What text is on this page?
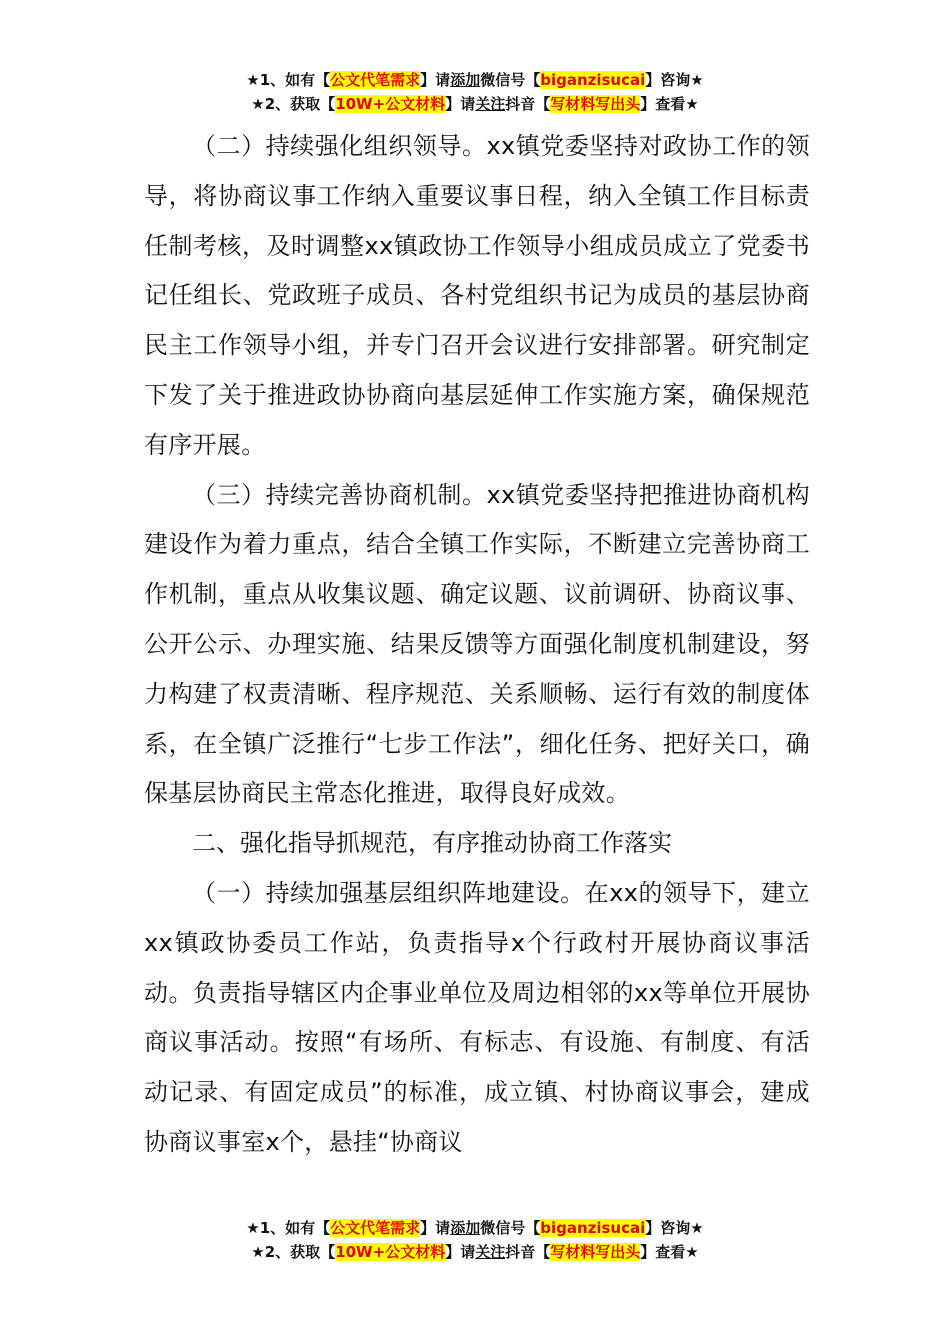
★1、如有【公文代笔需求】请添加微信号【biganzisucai】咨询★
★2、获取【10W+公文材料】请关注抖音【写材料写出头】查看★

（二）持续强化组织领导。xx镇党委坚持对政协工作的领导，将协商议事工作纳入重要议事日程，纳入全镇工作目标责任制考核，及时调整xx镇政协工作领导小组成员成立了党委书记任组长、党政班子成员、各村党组织书记为成员的基层协商民主工作领导小组，并专门召开会议进行安排部署。研究制定下发了关于推进政协协商向基层延伸工作实施方案，确保规范有序开展。

（三）持续完善协商机制。xx镇党委坚持把推进协商机构建设作为着力重点，结合全镇工作实际，不断建立完善协商工作机制，重点从收集议题、确定议题、议前调研、协商议事、公开公示、办理实施、结果反馈等方面强化制度机制建设，努力构建了权责清晰、程序规范、关系顺畅、运行有效的制度体系，在全镇广泛推行“七步工作法”，细化任务、把好关口，确保基层协商民主常态化推进，取得良好成效。

二、强化指导抓规范，有序推动协商工作落实

（一）持续加强基层组织阵地建设。在xx的领导下，建立xx镇政协委员工作站，负责指导x个行政村开展协商议事活动。负责指导辖区内企事业单位及周边相邻的xx等单位开展协商议事活动。按照“有场所、有标志、有设施、有制度、有活动记录、有固定成员”的标准，成立镇、村协商议事会，建成协商议事室x个，悬挂“协商议

★1、如有【公文代笔需求】请添加微信号【biganzisucai】咨询★
★2、获取【10W+公文材料】请关注抖音【写材料写出头】查看★
